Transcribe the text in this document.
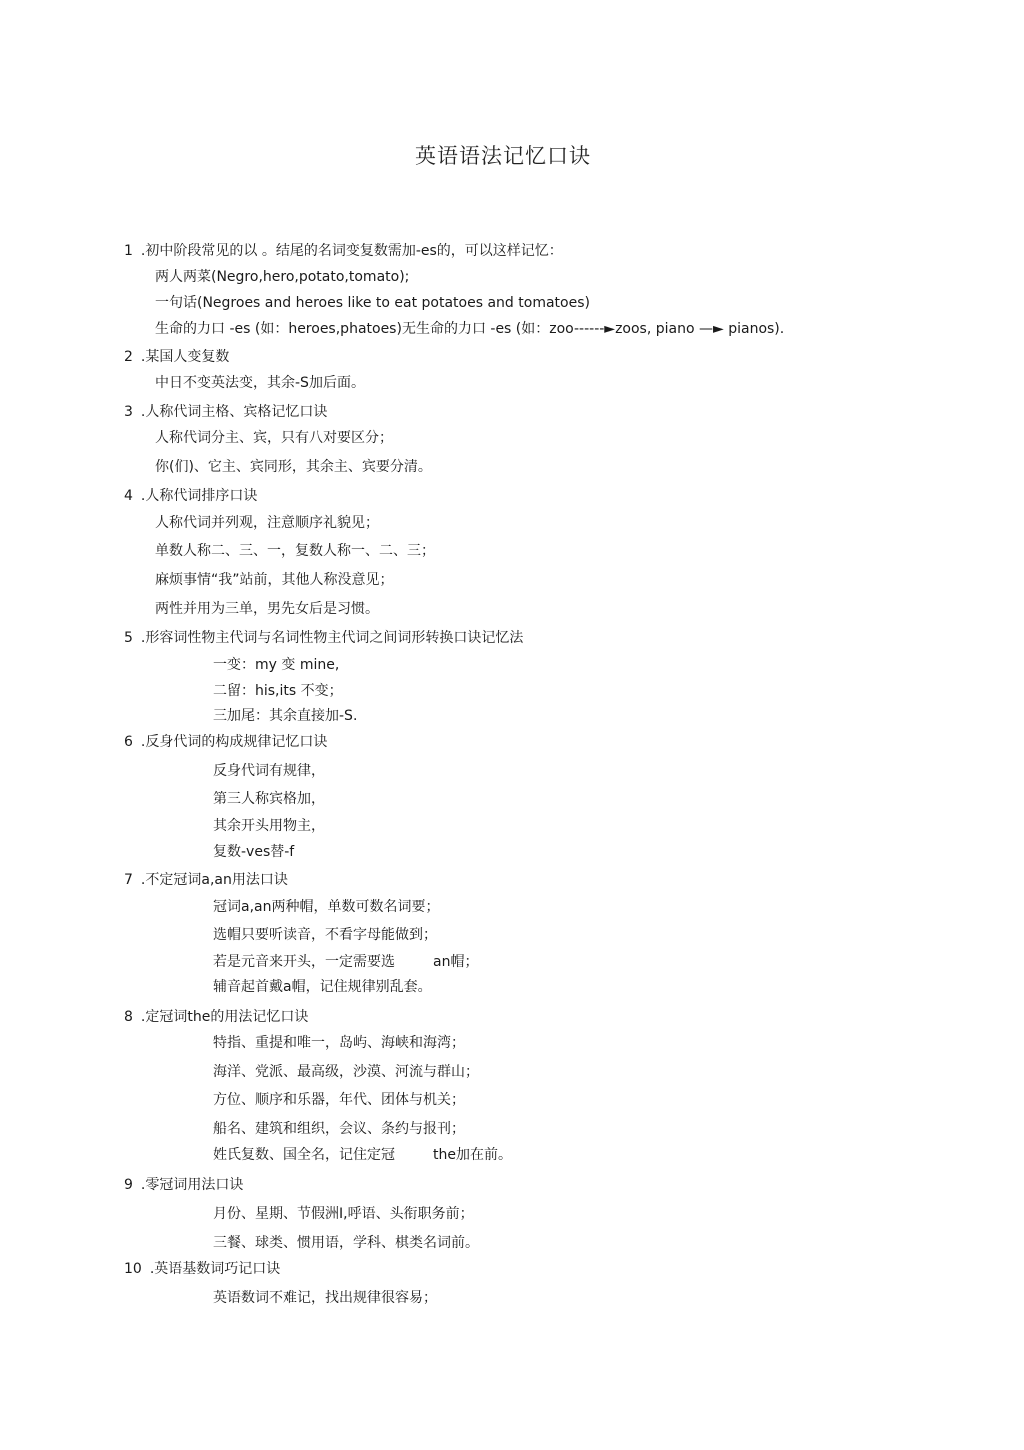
英语语法记忆口诀
1 .初中阶段常见的以 。结尾的名词变复数需加-es的，可以这样记忆：
两人两菜(Negro,hero,potato,tomato);
一句话(Negroes and heroes like to eat potatoes and tomatoes)
生命的力口 -es (如：heroes,phatoes)无生命的力口 -es (如：zoo------►zoos, piano —► pianos).
2 .某国人变复数
中日不变英法变，其余-S加后面。
3 .人称代词主格、宾格记忆口诀
人称代词分主、宾，只有八对要区分；
你(们)、它主、宾同形，其余主、宾要分清。
4 .人称代词排序口诀
人称代词并列观，注意顺序礼貌见；
单数人称二、三、一，复数人称一、二、三；
麻烦事情“我”站前，其他人称没意见；
两性并用为三单，男先女后是习惯。
5 .形容词性物主代词与名词性物主代词之间词形转换口诀记忆法
一变：my 变 mine,
二留：his,its 不变；
三加尾：其余直接加-S.
6 .反身代词的构成规律记忆口诀
反身代词有规律，
第三人称宾格加，
其余开头用物主，
复数-ves替-f
7 .不定冠词a,an用法口诀
冠词a,an两种帽，单数可数名词要；
选帽只要听读音，不看字母能做到；
若是元音来开头，一定需要选	an帽；
辅音起首戴a帽，记住规律别乱套。
8 .定冠词the的用法记忆口诀
特指、重提和唯一，岛屿、海峡和海湾；
海洋、党派、最高级，沙漠、河流与群山；
方位、顺序和乐器，年代、团体与机关；
船名、建筑和组织，会议、条约与报刊；
姓氏复数、国全名，记住定冠	the加在前。
9 .零冠词用法口诀
月份、星期、节假洲I,呼语、头衔职务前；
三餐、球类、惯用语，学科、棋类名词前。
10 .英语基数词巧记口诀
英语数词不难记，找出规律很容易；
